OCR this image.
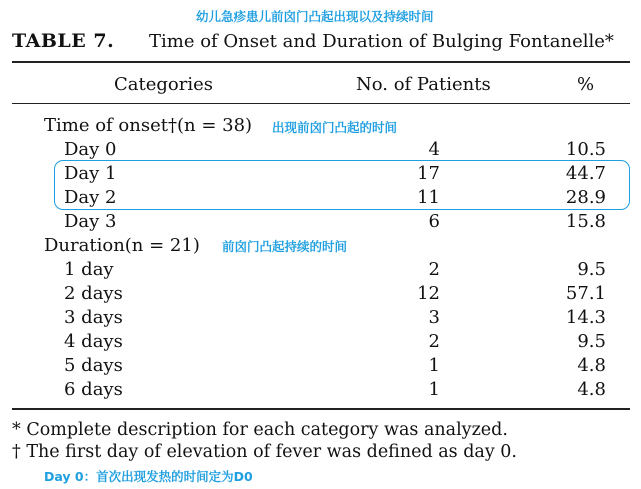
幼儿急疹患儿前囟门凸起出现以及持续时间
TABLE 7. Time of Onset and Duration of Bulging Fontanelle*
Categories	No. of Patients	%
Time of onset†(n = 38) 出现前囟门凸起的时间
Day 0	4	10.5
Day 1	17	44.7
Day 2	11	28.9
Day 3	6	15.8
Duration(n = 21) 前囟门凸起持续的时间
1 day	2	9.5
2 days	12	57.1
3 days	3	14.3
4 days	2	9.5
5 days	1	4.8
6 days	1	4.8
* Complete description for each category was analyzed.
† The first day of elevation of fever was defined as day 0.
Day 0：首次出现发热的时间定为D0
